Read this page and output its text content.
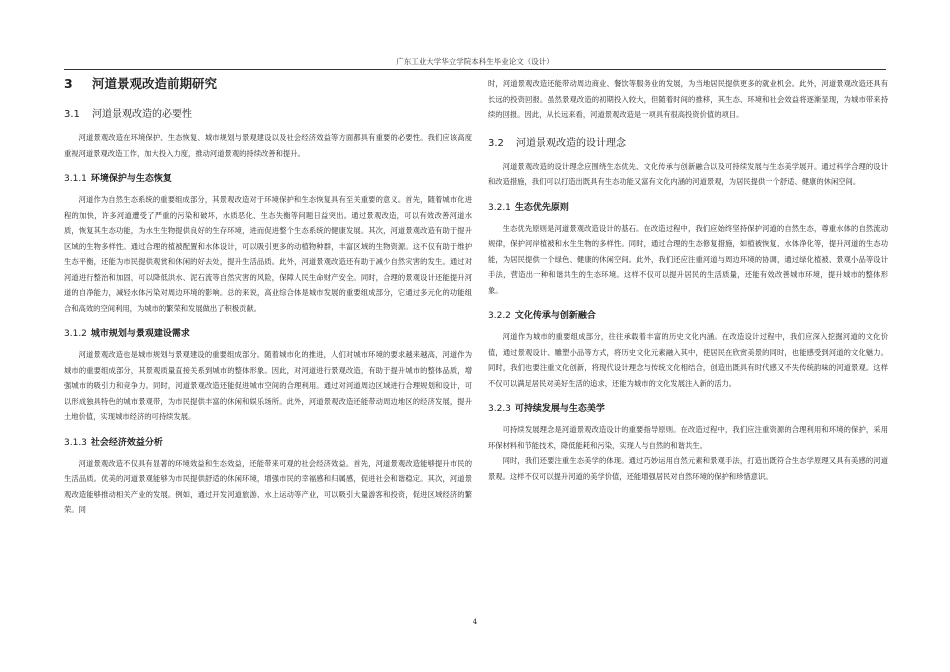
广东工业大学华立学院本科生毕业论文（设计）
3 河道景观改造前期研究
3.1 河道景观改造的必要性

河道景观改造在环境保护、生态恢复、城市规划与景观建设以及社会经济效益等方面都具有重要的必要性。我们应该高度重视河道景观改造工作，加大投入力度，推动河道景观的持续改善和提升。

3.1.1 环境保护与生态恢复

河道作为自然生态系统的重要组成部分，其景观改造对于环境保护和生态恢复具有至关重要的意义。首先，随着城市化进程的加快，许多河道遭受了严重的污染和破坏，水质恶化、生态失衡等问题日益突出。通过景观改造，可以有效改善河道水质，恢复其生态功能，为水生生物提供良好的生存环境，进而促进整个生态系统的健康发展。其次，河道景观改造有助于提升区域的生物多样性。通过合理的植被配置和水体设计，可以吸引更多的动植物种群，丰富区域的生物资源。这不仅有助于维护生态平衡，还能为市民提供观赏和休闲的好去处，提升生活品质。此外，河道景观改造还有助于减少自然灾害的发生。通过对河道进行整治和加固，可以降低洪水、泥石流等自然灾害的风险，保障人民生命财产安全。同时，合理的景观设计还能提升河道的自净能力，减轻水体污染对周边环境的影响。总的来说，高业综合体是城市发展的重要组成部分，它通过多元化的功能组合和高效的空间利用，为城市的繁荣和发展做出了积极贡献。

3.1.2 城市规划与景观建设需求

河道景观改造也是城市规划与景观建设的重要组成部分。随着城市化的推进，人们对城市环境的要求越来越高，河道作为城市的重要组成部分，其景观质量直接关系到城市的整体形象。因此，对河道进行景观改造，有助于提升城市的整体品质，增强城市的吸引力和竞争力。同时，河道景观改造还能促进城市空间的合理利用。通过对河道周边区域进行合理规划和设计，可以形成独具特色的城市景观带，为市民提供丰富的休闲和娱乐场所。此外，河道景观改造还能带动周边地区的经济发展，提升土地价值，实现城市经济的可持续发展。

3.1.3 社会经济效益分析

河道景观改造不仅具有显著的环境效益和生态效益，还能带来可观的社会经济效益。首先，河道景观改造能够提升市民的生活品质。优美的河道景观能够为市民提供舒适的休闲环境，增强市民的幸福感和归属感，促进社会和谐稳定。其次，河道景观改造能够推动相关产业的发展。例如，通过开发河道旅游、水上运动等产业，可以吸引大量游客和投资，促进区域经济的繁荣。同

时，河道景观改造还能带动周边商业、餐饮等服务业的发展，为当地居民提供更多的就业机会。此外，河道景观改造还具有长远的投资回报。虽然景观改造的初期投入较大，但随着时间的推移，其生态、环境和社会效益将逐渐显现，为城市带来持续的回报。因此，从长远来看，河道景观改造是一项具有很高投资价值的项目。

3.2 河道景观改造的设计理念

河道景观改造的设计理念应围绕生态优先、文化传承与创新融合以及可持续发展与生态美学展开。通过科学合理的设计和改造措施，我们可以打造出既具有生态功能又富有文化内涵的河道景观，为居民提供一个舒适、健康的休闲空间。

3.2.1 生态优先原则

生态优先原则是河道景观改造设计的基石。在改造过程中，我们应始终坚持保护河道的自然生态，尊重水体的自然流动规律，保护河岸植被和水生生物的多样性。同时，通过合理的生态修复措施，如植被恢复、水体净化等，提升河道的生态功能，为居民提供一个绿色、健康的休闲空间。此外，我们还应注重河道与周边环境的协调，通过绿化植被、景观小品等设计手法，营造出一种和谐共生的生态环境。这样不仅可以提升居民的生活质量，还能有效改善城市环境，提升城市的整体形象。

3.2.2 文化传承与创新融合

河道作为城市的重要组成部分，往往承载着丰富的历史文化内涵。在改造设计过程中，我们应深入挖掘河道的文化价值，通过景观设计、雕塑小品等方式，将历史文化元素融入其中，使居民在欣赏美景的同时，也能感受到河道的文化魅力。同时，我们也要注重文化创新，将现代设计理念与传统文化相结合，创造出既具有时代感又不失传统韵味的河道景观。这样不仅可以满足居民对美好生活的追求，还能为城市的文化发展注入新的活力。

3.2.3 可持续发展与生态美学

可持续发展理念是河道景观改造设计的重要指导原则。在改造过程中，我们应注重资源的合理利用和环境的保护，采用环保材料和节能技术，降低能耗和污染，实现人与自然的和谐共生。

同时，我们还要注重生态美学的体现。通过巧妙运用自然元素和景观手法，打造出既符合生态学原理又具有美感的河道景观。这样不仅可以提升河道的美学价值，还能增强居民对自然环境的保护和珍惜意识。

4
